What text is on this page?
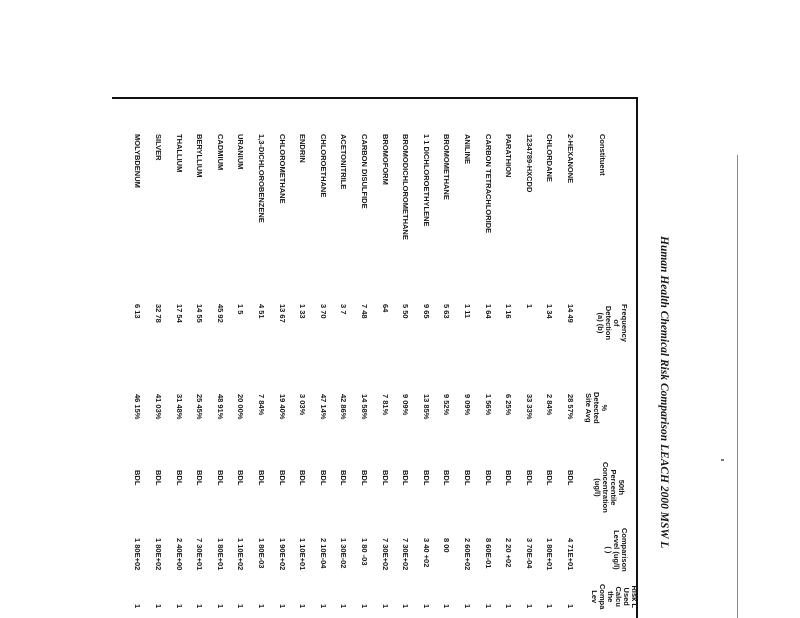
Human Health Chemical Risk Comparison LEACH 2000 MSW L
Constituent
Frequency
of
Detection
(a) (b)
%
Detected
Site Avg
50th
Percentile
Concentration
(ug/l)
Comparison
Level (ug/l)
( )
Risk L
Used
Calcu
the
Compa
Lev
2-HEXANONE
14 49
28 57%
BDL
4 71E+01
1
CHLORDANE
1 34
2 84%
BDL
1 80E+01
1
1234789-HXCDD
1
33 33%
BDL
3 70E-04
1
PARATHION
1 16
6 25%
BDL
2 20 +02
1
CARBON TETRACHLORIDE
1 64
1 56%
BDL
8 60E-01
1
ANILINE
1 11
9 09%
BDL
2 60E+02
1
BROMOMETHANE
5 63
9 52%
BDL
8 00
1
1 1 DICHLOROETHYLENE
9 65
13 85%
BDL
3 40 +02
1
BROMODICHLOROMETHANE
5 50
9 09%
BDL
7 30E+02
1
BROMOFORM
64
7 81%
BDL
7 30E+02
1
CARBON DISULFIDE
7 48
14 58%
BDL
1 80 -03
1
ACETONITRILE
3 7
42 86%
BDL
1 30E-02
1
CHLOROETHANE
3 70
47 14%
BDL
2 10E-04
1
ENDRIN
1 33
3 03%
BDL
1 10E+01
1
CHLOROMETHANE
13 67
19 40%
BDL
1 90E+02
1
1,3-DICHLOROBENZENE
4 51
7 84%
BDL
1 80E-03
1
URANIUM
1 5
20 00%
BDL
1 10E+02
1
CADMIUM
45 92
48 91%
BDL
1 80E+01
1
BERYLLIUM
14 55
25 45%
BDL
7 30E+01
1
THALLIUM
17 54
31 48%
BDL
2 40E+00
1
SILVER
32 78
41 03%
BDL
1 80E+02
1
MOLYBDENUM
6 13
46 15%
BDL
1 80E+02
1
